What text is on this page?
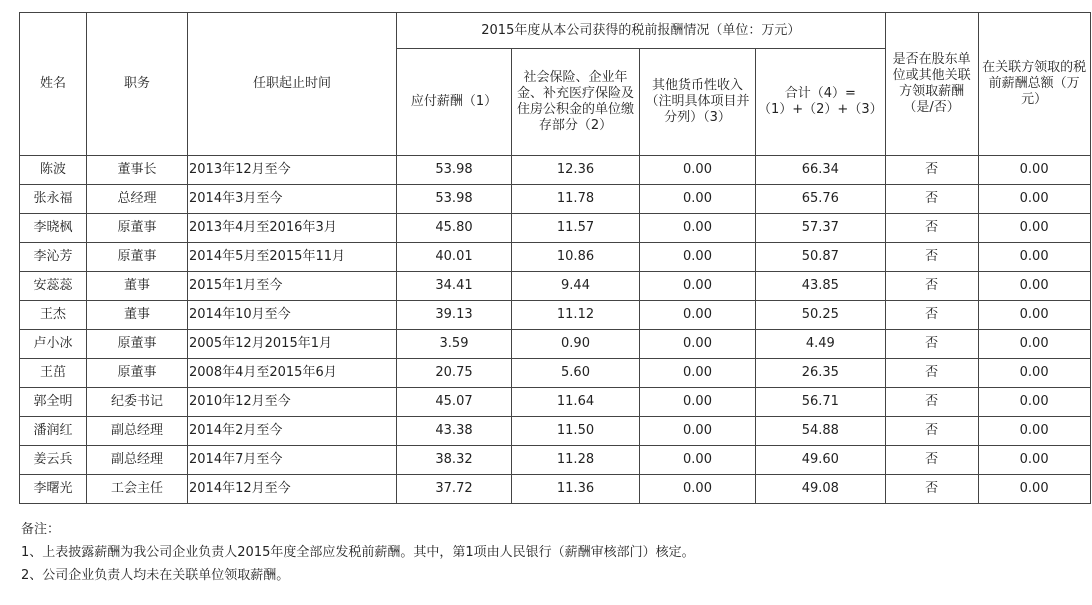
姓名	职务	任职起止时间	2015年度从本公司获得的税前报酬情况（单位：万元）				是否在股东单位或其他关联方领取薪酬（是/否）	在关联方领取的税前薪酬总额（万元）
			应付薪酬（1）	社会保险、企业年金、补充医疗保险及住房公积金的单位缴存部分（2）	其他货币性收入（注明具体项目并分列）（3）	合计（4）=（1）+（2）+（3）		
陈波	董事长	2013年12月至今	53.98	12.36	0.00	66.34	否	0.00
张永福	总经理	2014年3月至今	53.98	11.78	0.00	65.76	否	0.00
李晓枫	原董事	2013年4月至2016年3月	45.80	11.57	0.00	57.37	否	0.00
李沁芳	原董事	2014年5月至2015年11月	40.01	10.86	0.00	50.87	否	0.00
安蕊蕊	董事	2015年1月至今	34.41	9.44	0.00	43.85	否	0.00
王杰	董事	2014年10月至今	39.13	11.12	0.00	50.25	否	0.00
卢小冰	原董事	2005年12月2015年1月	3.59	0.90	0.00	4.49	否	0.00
王茁	原董事	2008年4月至2015年6月	20.75	5.60	0.00	26.35	否	0.00
郭全明	纪委书记	2010年12月至今	45.07	11.64	0.00	56.71	否	0.00
潘润红	副总经理	2014年2月至今	43.38	11.50	0.00	54.88	否	0.00
姜云兵	副总经理	2014年7月至今	38.32	11.28	0.00	49.60	否	0.00
李曙光	工会主任	2014年12月至今	37.72	11.36	0.00	49.08	否	0.00
备注：
1、上表披露薪酬为我公司企业负责人2015年度全部应发税前薪酬。其中，第1项由人民银行（薪酬审核部门）核定。
2、公司企业负责人均未在关联单位领取薪酬。
